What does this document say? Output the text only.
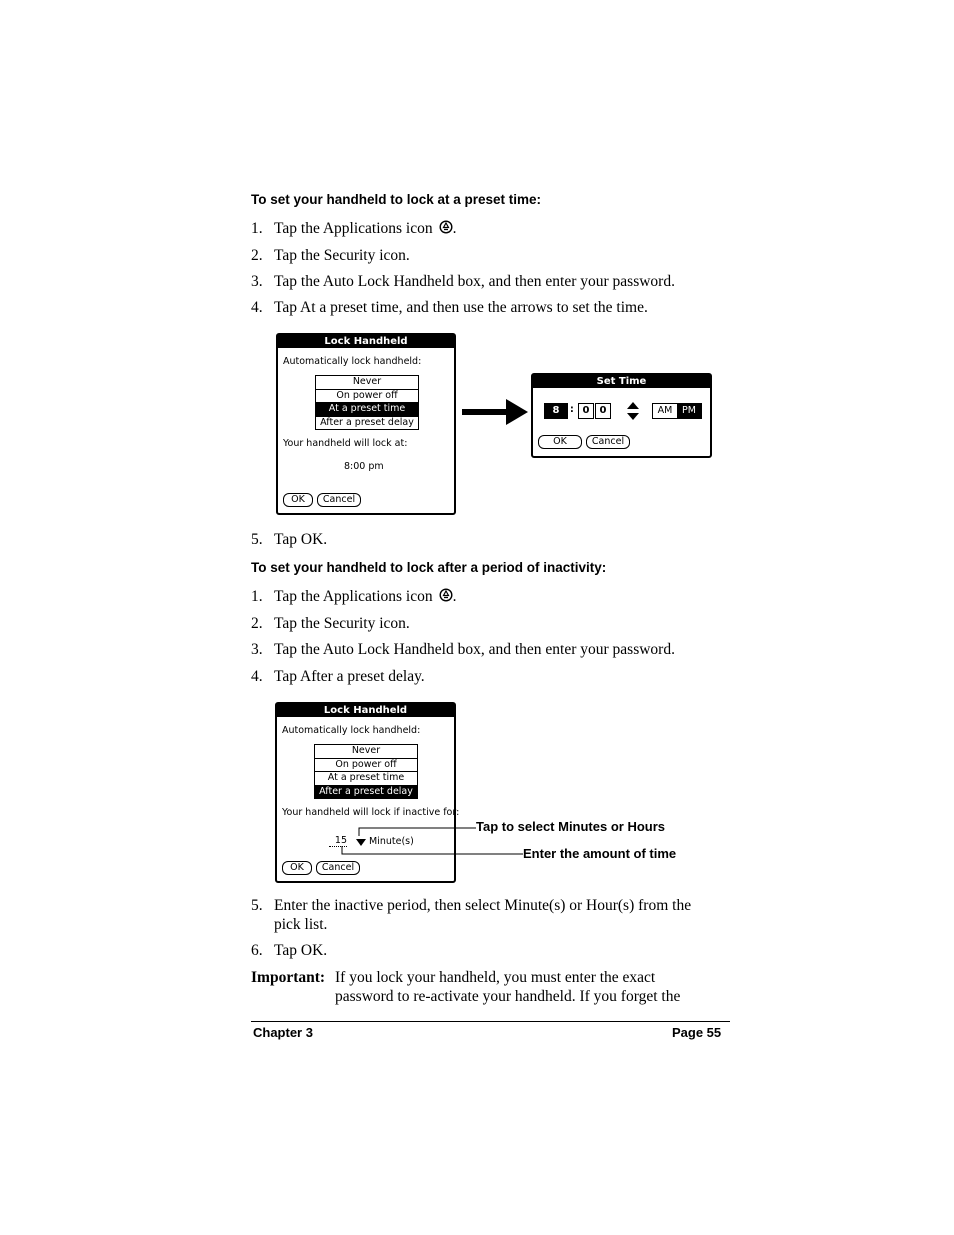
To set your handheld to lock at a preset time:
1. Tap the Applications icon .
2. Tap the Security icon.
3. Tap the Auto Lock Handheld box, and then enter your password.
4. Tap At a preset time, and then use the arrows to set the time.
Lock Handheld
Automatically lock handheld:
Never
On power off
At a preset time
After a preset delay
Your handheld will lock at:
8:00 pm
OK	Cancel
Set Time
8	: 0	0	AM PM
OK	Cancel
5. Tap OK.
To set your handheld to lock after a period of inactivity:
1. Tap the Applications icon .
2. Tap the Security icon.
3. Tap the Auto Lock Handheld box, and then enter your password.
4. Tap After a preset delay.
Lock Handheld
Automatically lock handheld:
Never
On power off
At a preset time
After a preset delay
Your handheld will lock if inactive for:
15 Minute(s)
OK	Cancel
Tap to select Minutes or Hours
Enter the amount of time
5. Enter the inactive period, then select Minute(s) or Hour(s) from the
pick list.
6. Tap OK.
Important: If you lock your handheld, you must enter the exact
password to re-activate your handheld. If you forget the
Chapter 3	Page 55
